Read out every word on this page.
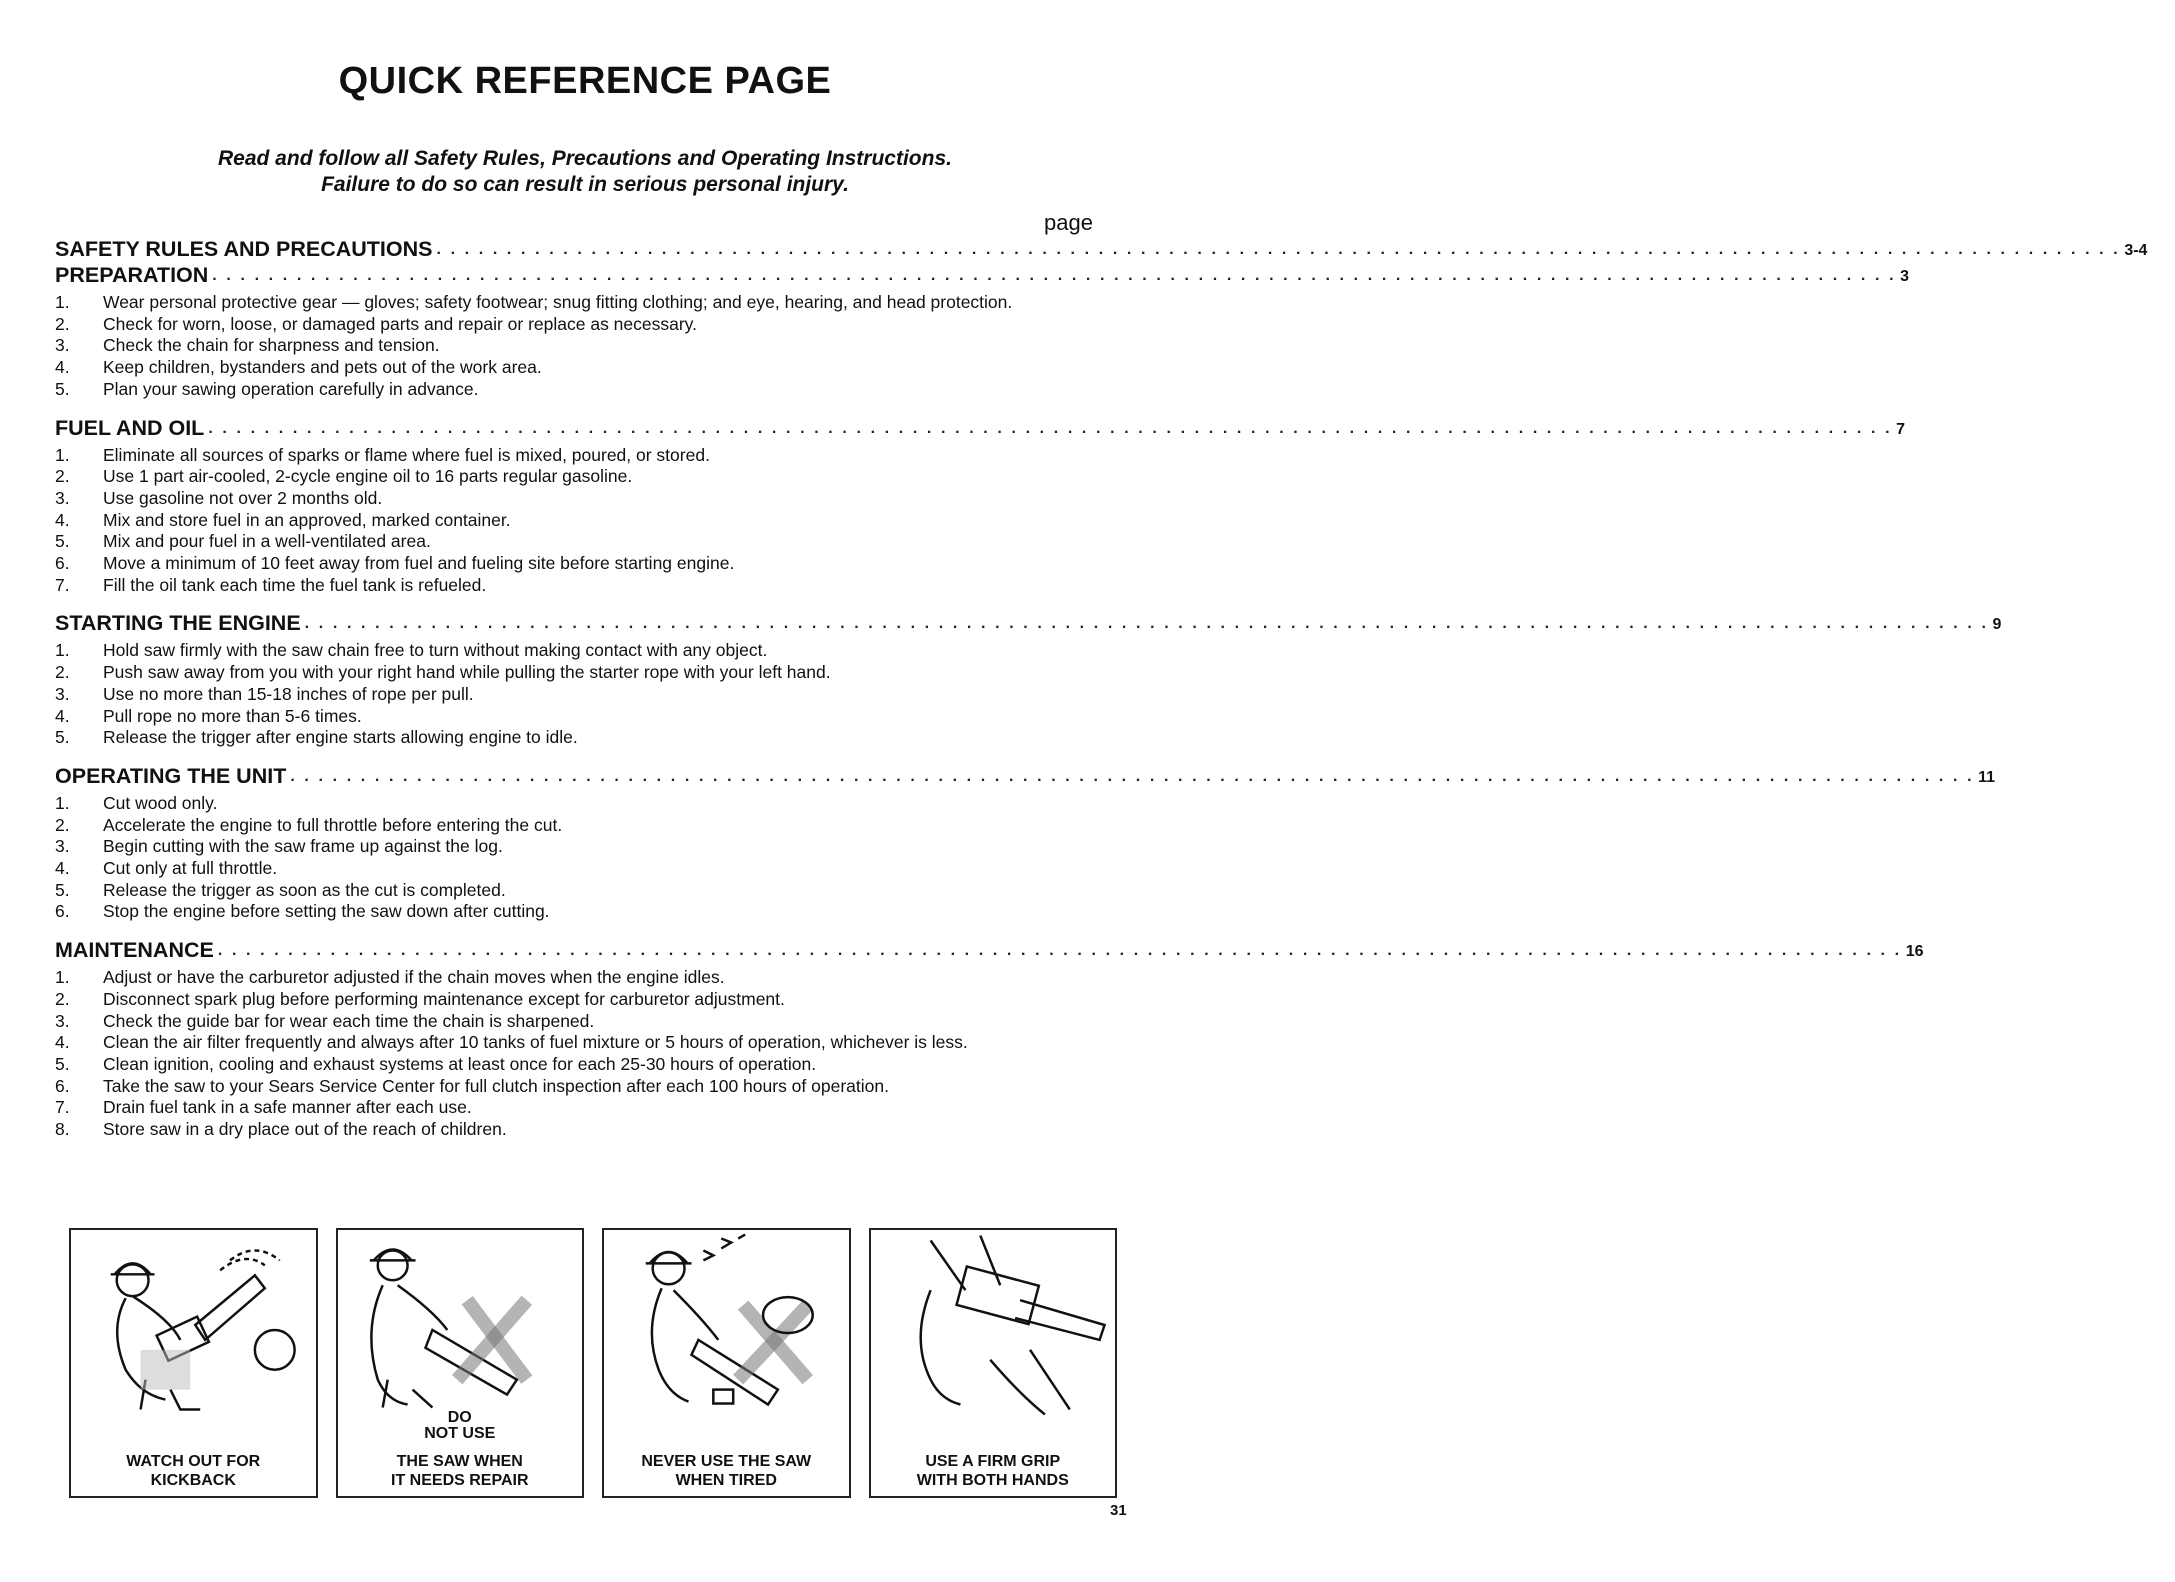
QUICK REFERENCE PAGE
Read and follow all Safety Rules, Precautions and Operating Instructions.
Failure to do so can result in serious personal injury.
page
SAFETY RULES AND PRECAUTIONS . . . . . . . . . . . . . . . . . . . . . . . . . . . . . . . . . . . . . . . . . . . . . . . . . . . . . . . . . . . . . . . . . . . . . . . . . . . . . . . . . . . . . . . . . . . . . . . . . . . . . . . . . . . . . . . . . . . . . . . . 3-4
PREPARATION . . . . . . . . . . . . . . . . . . . . . . . . . . . . . . . . . . . . . . . . . . . . . . . . . . . . . . . . . . . . . . . . . . . . . . . . . . . . . . . . . . . . . . . . . . . . . . . . . . . . . . . . . . . . . . . . . . . . . . . . 3
1.	Wear personal protective gear — gloves; safety footwear; snug fitting clothing; and eye, hearing, and head protection.
2.	Check for worn, loose, or damaged parts and repair or replace as necessary.
3.	Check the chain for sharpness and tension.
4.	Keep children, bystanders and pets out of the work area.
5.	Plan your sawing operation carefully in advance.
FUEL AND OIL . . . . . . . . . . . . . . . . . . . . . . . . . . . . . . . . . . . . . . . . . . . . . . . . . . . . . . . . . . . . . . . . . . . . . . . . . . . . . . . . . . . . . . . . . . . . . . . . . . . . . . . . . . . . . . . . . . . . . . . . 7
1.	Eliminate all sources of sparks or flame where fuel is mixed, poured, or stored.
2.	Use 1 part air-cooled, 2-cycle engine oil to 16 parts regular gasoline.
3.	Use gasoline not over 2 months old.
4.	Mix and store fuel in an approved, marked container.
5.	Mix and pour fuel in a well-ventilated area.
6.	Move a minimum of 10 feet away from fuel and fueling site before starting engine.
7.	Fill the oil tank each time the fuel tank is refueled.
STARTING THE ENGINE . . . . . . . . . . . . . . . . . . . . . . . . . . . . . . . . . . . . . . . . . . . . . . . . . . . . . . . . . . . . . . . . . . . . . . . . . . . . . . . . . . . . . . . . . . . . . . . . . . . . . . . . . . . . . . . . . . . . . . . . 9
1.	Hold saw firmly with the saw chain free to turn without making contact with any object.
2.	Push saw away from you with your right hand while pulling the starter rope with your left hand.
3.	Use no more than 15-18 inches of rope per pull.
4.	Pull rope no more than 5-6 times.
5.	Release the trigger after engine starts allowing engine to idle.
OPERATING THE UNIT . . . . . . . . . . . . . . . . . . . . . . . . . . . . . . . . . . . . . . . . . . . . . . . . . . . . . . . . . . . . . . . . . . . . . . . . . . . . . . . . . . . . . . . . . . . . . . . . . . . . . . . . . . . . . . . . . . . . . . . . 11
1.	Cut wood only.
2.	Accelerate the engine to full throttle before entering the cut.
3.	Begin cutting with the saw frame up against the log.
4.	Cut only at full throttle.
5.	Release the trigger as soon as the cut is completed.
6.	Stop the engine before setting the saw down after cutting.
MAINTENANCE . . . . . . . . . . . . . . . . . . . . . . . . . . . . . . . . . . . . . . . . . . . . . . . . . . . . . . . . . . . . . . . . . . . . . . . . . . . . . . . . . . . . . . . . . . . . . . . . . . . . . . . . . . . . . . . . . . . . . . . . 16
1.	Adjust or have the carburetor adjusted if the chain moves when the engine idles.
2.	Disconnect spark plug before performing maintenance except for carburetor adjustment.
3.	Check the guide bar for wear each time the chain is sharpened.
4.	Clean the air filter frequently and always after 10 tanks of fuel mixture or 5 hours of operation, whichever is less.
5.	Clean ignition, cooling and exhaust systems at least once for each 25-30 hours of operation.
6.	Take the saw to your Sears Service Center for full clutch inspection after each 100 hours of operation.
7.	Drain fuel tank in a safe manner after each use.
8.	Store saw in a dry place out of the reach of children.
WATCH OUT FOR
KICKBACK
DO
NOT USE
THE SAW WHEN
IT NEEDS REPAIR
NEVER USE THE SAW
WHEN TIRED
USE A FIRM GRIP
WITH BOTH HANDS
31
